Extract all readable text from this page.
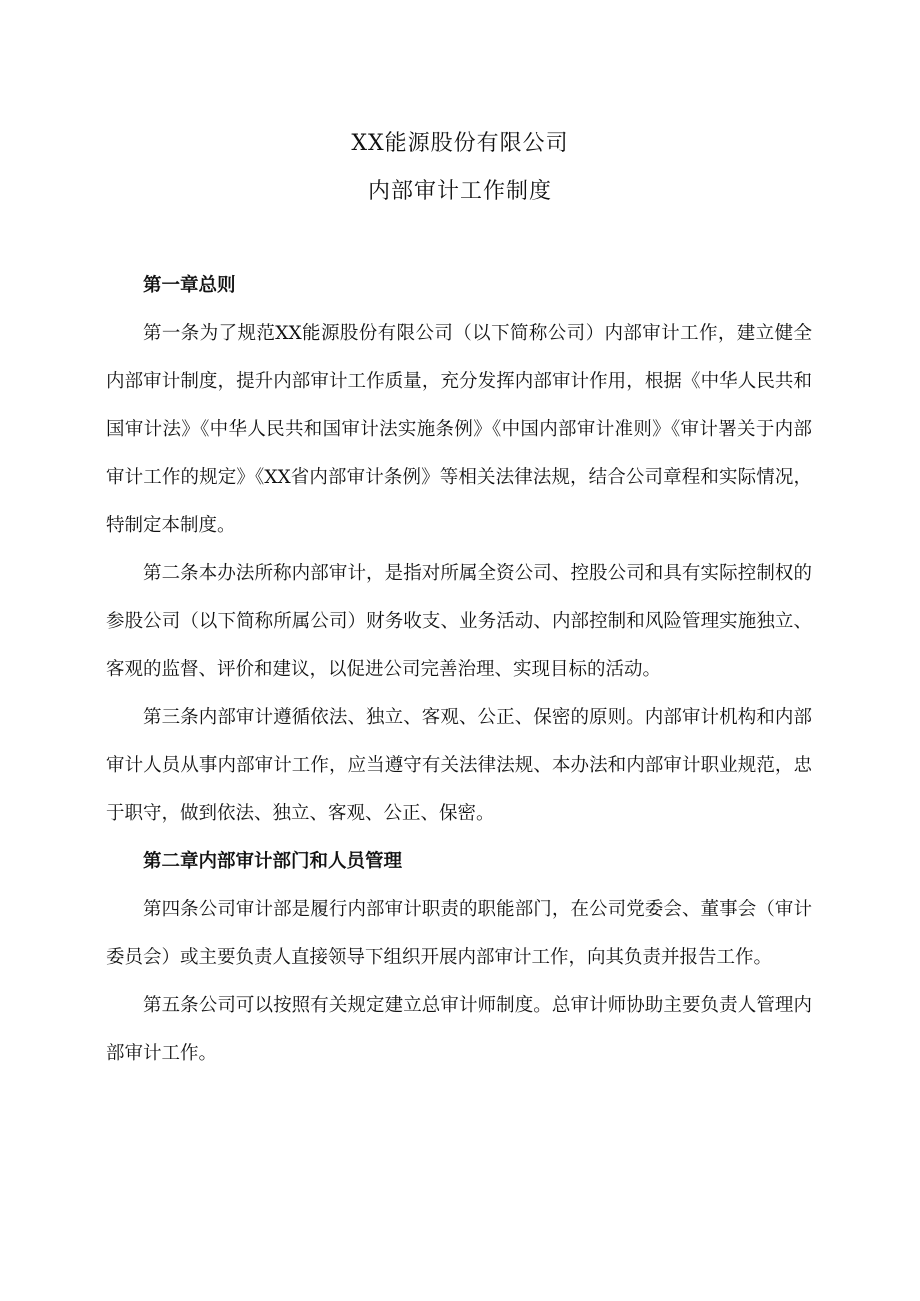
XX能源股份有限公司
内部审计工作制度
第一章总则

第一条为了规范XX能源股份有限公司（以下简称公司）内部审计工作，建立健全内部审计制度，提升内部审计工作质量，充分发挥内部审计作用，根据《中华人民共和国审计法》《中华人民共和国审计法实施条例》《中国内部审计准则》《审计署关于内部审计工作的规定》《XX省内部审计条例》等相关法律法规，结合公司章程和实际情况，特制定本制度。

第二条本办法所称内部审计，是指对所属全资公司、控股公司和具有实际控制权的参股公司（以下简称所属公司）财务收支、业务活动、内部控制和风险管理实施独立、客观的监督、评价和建议，以促进公司完善治理、实现目标的活动。

第三条内部审计遵循依法、独立、客观、公正、保密的原则。内部审计机构和内部审计人员从事内部审计工作，应当遵守有关法律法规、本办法和内部审计职业规范，忠于职守，做到依法、独立、客观、公正、保密。

第二章内部审计部门和人员管理

第四条公司审计部是履行内部审计职责的职能部门，在公司党委会、董事会（审计委员会）或主要负责人直接领导下组织开展内部审计工作，向其负责并报告工作。

第五条公司可以按照有关规定建立总审计师制度。总审计师协助主要负责人管理内部审计工作。
